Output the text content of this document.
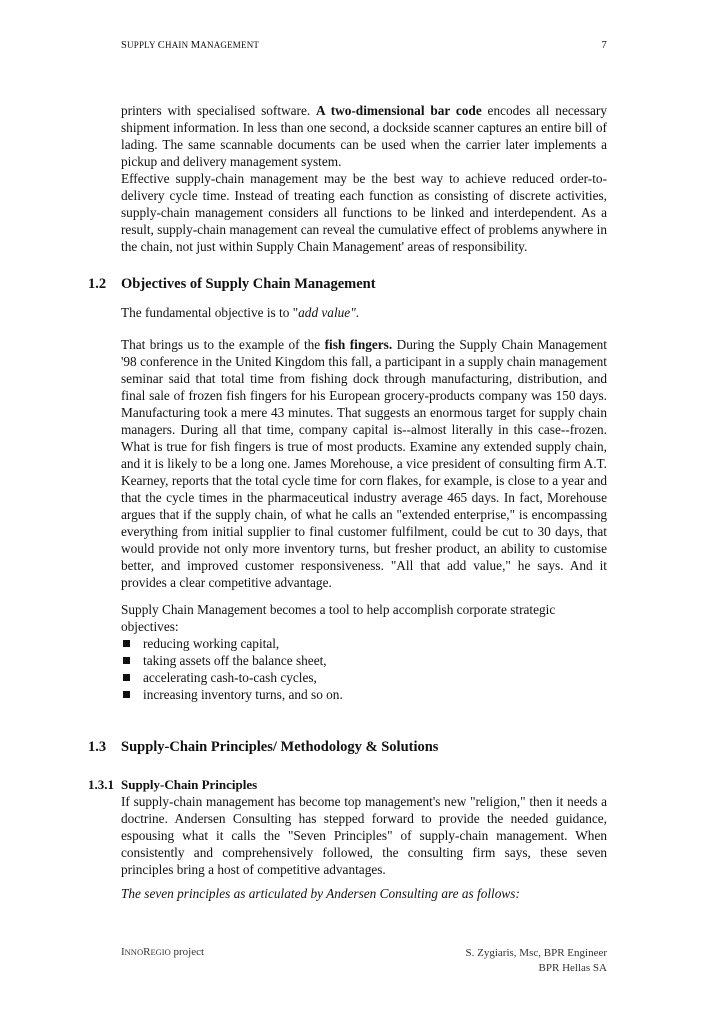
SUPPLY CHAIN MANAGEMENT	7

printers with specialised software. A two-dimensional bar code encodes all necessary shipment information. In less than one second, a dockside scanner captures an entire bill of lading. The same scannable documents can be used when the carrier later implements a pickup and delivery management system.

Effective supply-chain management may be the best way to achieve reduced order-to-delivery cycle time. Instead of treating each function as consisting of discrete activities, supply-chain management considers all functions to be linked and interdependent. As a result, supply-chain management can reveal the cumulative effect of problems anywhere in the chain, not just within Supply Chain Management' areas of responsibility.

1.2 Objectives of Supply Chain Management

The fundamental objective is to "add value".

That brings us to the example of the fish fingers. During the Supply Chain Management '98 conference in the United Kingdom this fall, a participant in a supply chain management seminar said that total time from fishing dock through manufacturing, distribution, and final sale of frozen fish fingers for his European grocery-products company was 150 days. Manufacturing took a mere 43 minutes. That suggests an enormous target for supply chain managers. During all that time, company capital is--almost literally in this case--frozen. What is true for fish fingers is true of most products. Examine any extended supply chain, and it is likely to be a long one. James Morehouse, a vice president of consulting firm A.T. Kearney, reports that the total cycle time for corn flakes, for example, is close to a year and that the cycle times in the pharmaceutical industry average 465 days. In fact, Morehouse argues that if the supply chain, of what he calls an "extended enterprise," is encompassing everything from initial supplier to final customer fulfilment, could be cut to 30 days, that would provide not only more inventory turns, but fresher product, an ability to customise better, and improved customer responsiveness. "All that add value," he says. And it provides a clear competitive advantage.

Supply Chain Management becomes a tool to help accomplish corporate strategic objectives:

reducing working capital,
taking assets off the balance sheet,
accelerating cash-to-cash cycles,
increasing inventory turns, and so on.
1.3 Supply-Chain Principles/ Methodology & Solutions
1.3.1 Supply-Chain Principles

If supply-chain management has become top management's new "religion," then it needs a doctrine. Andersen Consulting has stepped forward to provide the needed guidance, espousing what it calls the "Seven Principles" of supply-chain management. When consistently and comprehensively followed, the consulting firm says, these seven principles bring a host of competitive advantages.

The seven principles as articulated by Andersen Consulting are as follows:

INNOREGIO project	S. Zygiaris, Msc, BPR Engineer
BPR Hellas SA
